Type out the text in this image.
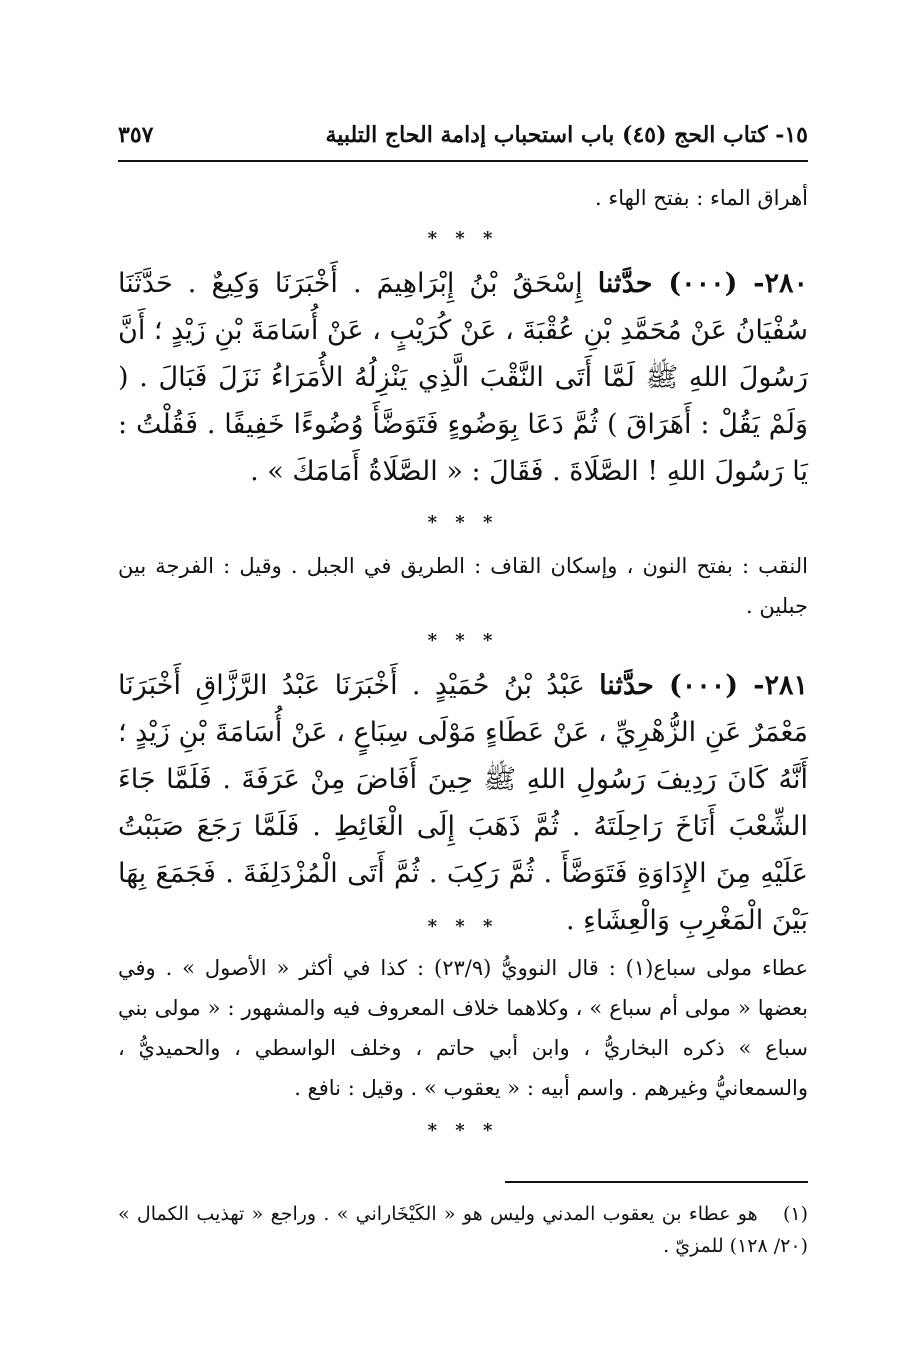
١٥- كتاب الحج (٤٥) باب استحباب إدامة الحاج التلبية
٣٥٧
أهراق الماء : بفتح الهاء .
* * *
٢٨٠- (٠٠٠) حدَّثنا إِسْحَقُ بْنُ إِبْرَاهِيمَ . أَخْبَرَنَا وَكِيعٌ . حَدَّثَنَا سُفْيَانُ عَنْ مُحَمَّدِ بْنِ عُقْبَةَ ، عَنْ كُرَيْبٍ ، عَنْ أُسَامَةَ بْنِ زَيْدٍ ؛ أَنَّ رَسُولَ اللهِ ﷺ لَمَّا أَتَى النَّقْبَ الَّذِي يَنْزِلُهُ الأُمَرَاءُ نَزَلَ فَبَالَ . ( وَلَمْ يَقُلْ : أَهَرَاقَ ) ثُمَّ دَعَا بِوَضُوءٍ فَتَوَضَّأَ وُضُوءًا خَفِيفًا . فَقُلْتُ : يَا رَسُولَ اللهِ ! الصَّلَاةَ . فَقَالَ : « الصَّلَاةُ أَمَامَكَ » .
* * *
النقب : بفتح النون ، وإسكان القاف : الطريق في الجبل . وقيل : الفرجة بين جبلين .
* * *
٢٨١- (٠٠٠) حدَّثنا عَبْدُ بْنُ حُمَيْدٍ . أَخْبَرَنَا عَبْدُ الرَّزَّاقِ أَخْبَرَنَا مَعْمَرٌ عَنِ الزُّهْرِيِّ ، عَنْ عَطَاءٍ مَوْلَى سِبَاعٍ ، عَنْ أُسَامَةَ بْنِ زَيْدٍ ؛ أَنَّهُ كَانَ رَدِيفَ رَسُولِ اللهِ ﷺ حِينَ أَفَاضَ مِنْ عَرَفَةَ . فَلَمَّا جَاءَ الشِّعْبَ أَنَاخَ رَاحِلَتَهُ . ثُمَّ ذَهَبَ إِلَى الْغَائِطِ . فَلَمَّا رَجَعَ صَبَبْتُ عَلَيْهِ مِنَ الإِدَاوَةِ فَتَوَضَّأَ . ثُمَّ رَكِبَ . ثُمَّ أَتَى الْمُزْدَلِفَةَ . فَجَمَعَ بِهَا بَيْنَ الْمَغْرِبِ وَالْعِشَاءِ .
* * *
عطاء مولى سباع(١) : قال النوويُّ (٢٣/٩) : كذا في أكثر « الأصول » . وفي بعضها « مولى أم سباع » ، وكلاهما خلاف المعروف فيه والمشهور : « مولى بني سباع » ذكره البخاريُّ ، وابن أبي حاتم ، وخلف الواسطي ، والحميديُّ ، والسمعانيُّ وغيرهم . واسم أبيه : « يعقوب » . وقيل : نافع .
* * *
(١) هو عطاء بن يعقوب المدني وليس هو « الكَيْخَاراني » . وراجع « تهذيب الكمال » (٢٠/ ١٢٨) للمزيّ .
